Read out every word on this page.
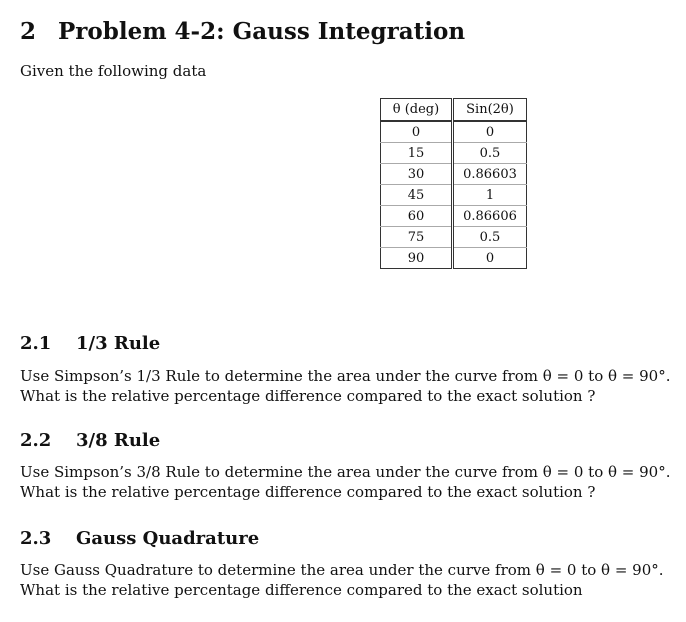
2 Problem 4-2: Gauss Integration
Given the following data
θ (deg)	Sin(2θ)
0	0
15	0.5
30	0.86603
45	1
60	0.86606
75	0.5
90	0
2.1 1/3 Rule

Use Simpson’s 1/3 Rule to determine the area under the curve from θ = 0 to θ = 90°.

What is the relative percentage difference compared to the exact solution ?

2.2 3/8 Rule

Use Simpson’s 3/8 Rule to determine the area under the curve from θ = 0 to θ = 90°.

What is the relative percentage difference compared to the exact solution ?

2.3 Gauss Quadrature

Use Gauss Quadrature to determine the area under the curve from θ = 0 to θ = 90°.

What is the relative percentage difference compared to the exact solution
